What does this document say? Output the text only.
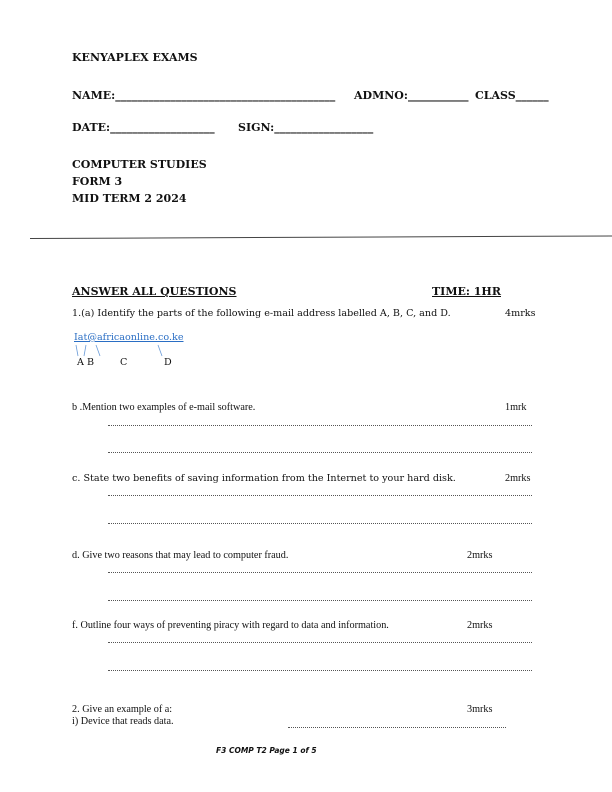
KENYAPLEX EXAMS
NAME:________________________________________ ADMNO:___________ CLASS______
DATE:___________________ SIGN:__________________
COMPUTER STUDIES
FORM 3
MID TERM 2 2024
ANSWER ALL QUESTIONS	TIME: 1HR
1.(a) Identify the parts of the following e-mail address labelled A, B, C, and D.	4mrks
Iat@africaonline.co.ke
A B	C	D
b .Mention two examples of e-mail software.	1mrk
c. State two benefits of saving information from the Internet to your hard disk.	2mrks
d. Give two reasons that may lead to computer fraud.	2mrks
f. Outline four ways of preventing piracy with regard to data and information.	2mrks
2. Give an example of a:	3mrks
i) Device that reads data.
F3 COMP T2 Page 1 of 5
